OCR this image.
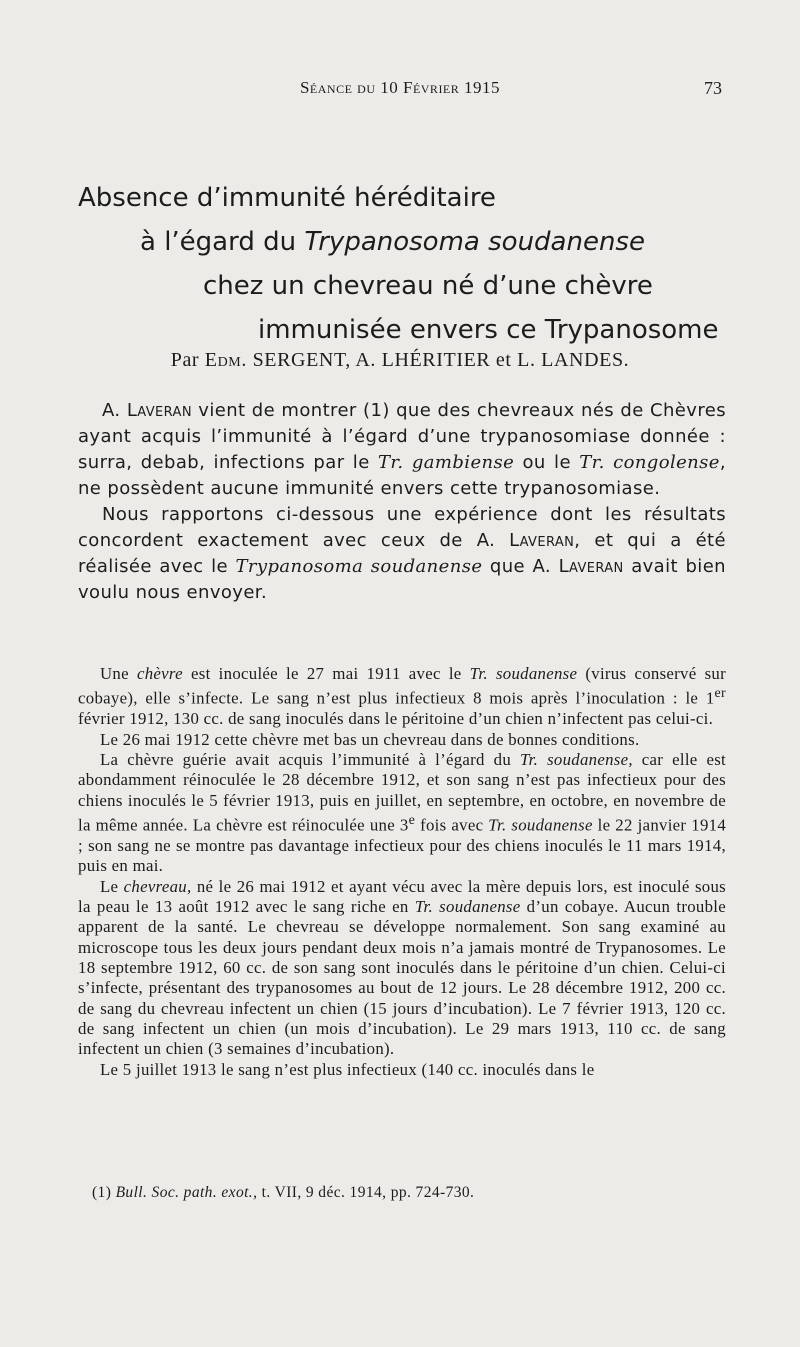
Séance du 10 Février 1915	73
Absence d’immunité héréditaire
à l’égard du Trypanosoma soudanense
chez un chevreau né d’une chèvre
immunisée envers ce Trypanosome
Par Edm. SERGENT, A. LHÉRITIER et L. LANDES.

A. Laveran vient de montrer (1) que des chevreaux nés de Chèvres ayant acquis l’immunité à l’égard d’une trypanosomiase donnée : surra, debab, infections par le Tr. gambiense ou le Tr. congolense, ne possèdent aucune immunité envers cette trypanosomiase.

Nous rapportons ci-dessous une expérience dont les résultats concordent exactement avec ceux de A. Laveran, et qui a été réalisée avec le Trypanosoma soudanense que A. Laveran avait bien voulu nous envoyer.

Une chèvre est inoculée le 27 mai 1911 avec le Tr. soudanense (virus conservé sur cobaye), elle s’infecte. Le sang n’est plus infectieux 8 mois après l’inoculation : le 1er février 1912, 130 cc. de sang inoculés dans le péritoine d’un chien n’infectent pas celui-ci.

Le 26 mai 1912 cette chèvre met bas un chevreau dans de bonnes conditions.

La chèvre guérie avait acquis l’immunité à l’égard du Tr. soudanense, car elle est abondamment réinoculée le 28 décembre 1912, et son sang n’est pas infectieux pour des chiens inoculés le 5 février 1913, puis en juillet, en septembre, en octobre, en novembre de la même année. La chèvre est réinoculée une 3e fois avec Tr. soudanense le 22 janvier 1914 ; son sang ne se montre pas davantage infectieux pour des chiens inoculés le 11 mars 1914, puis en mai.

Le chevreau, né le 26 mai 1912 et ayant vécu avec la mère depuis lors, est inoculé sous la peau le 13 août 1912 avec le sang riche en Tr. soudanense d’un cobaye. Aucun trouble apparent de la santé. Le chevreau se développe normalement. Son sang examiné au microscope tous les deux jours pendant deux mois n’a jamais montré de Trypanosomes. Le 18 septembre 1912, 60 cc. de son sang sont inoculés dans le péritoine d’un chien. Celui-ci s’infecte, présentant des trypanosomes au bout de 12 jours. Le 28 décembre 1912, 200 cc. de sang du chevreau infectent un chien (15 jours d’incubation). Le 7 février 1913, 120 cc. de sang infectent un chien (un mois d’incubation). Le 29 mars 1913, 110 cc. de sang infectent un chien (3 semaines d’incubation).

Le 5 juillet 1913 le sang n’est plus infectieux (140 cc. inoculés dans le

(1) Bull. Soc. path. exot., t. VII, 9 déc. 1914, pp. 724-730.
